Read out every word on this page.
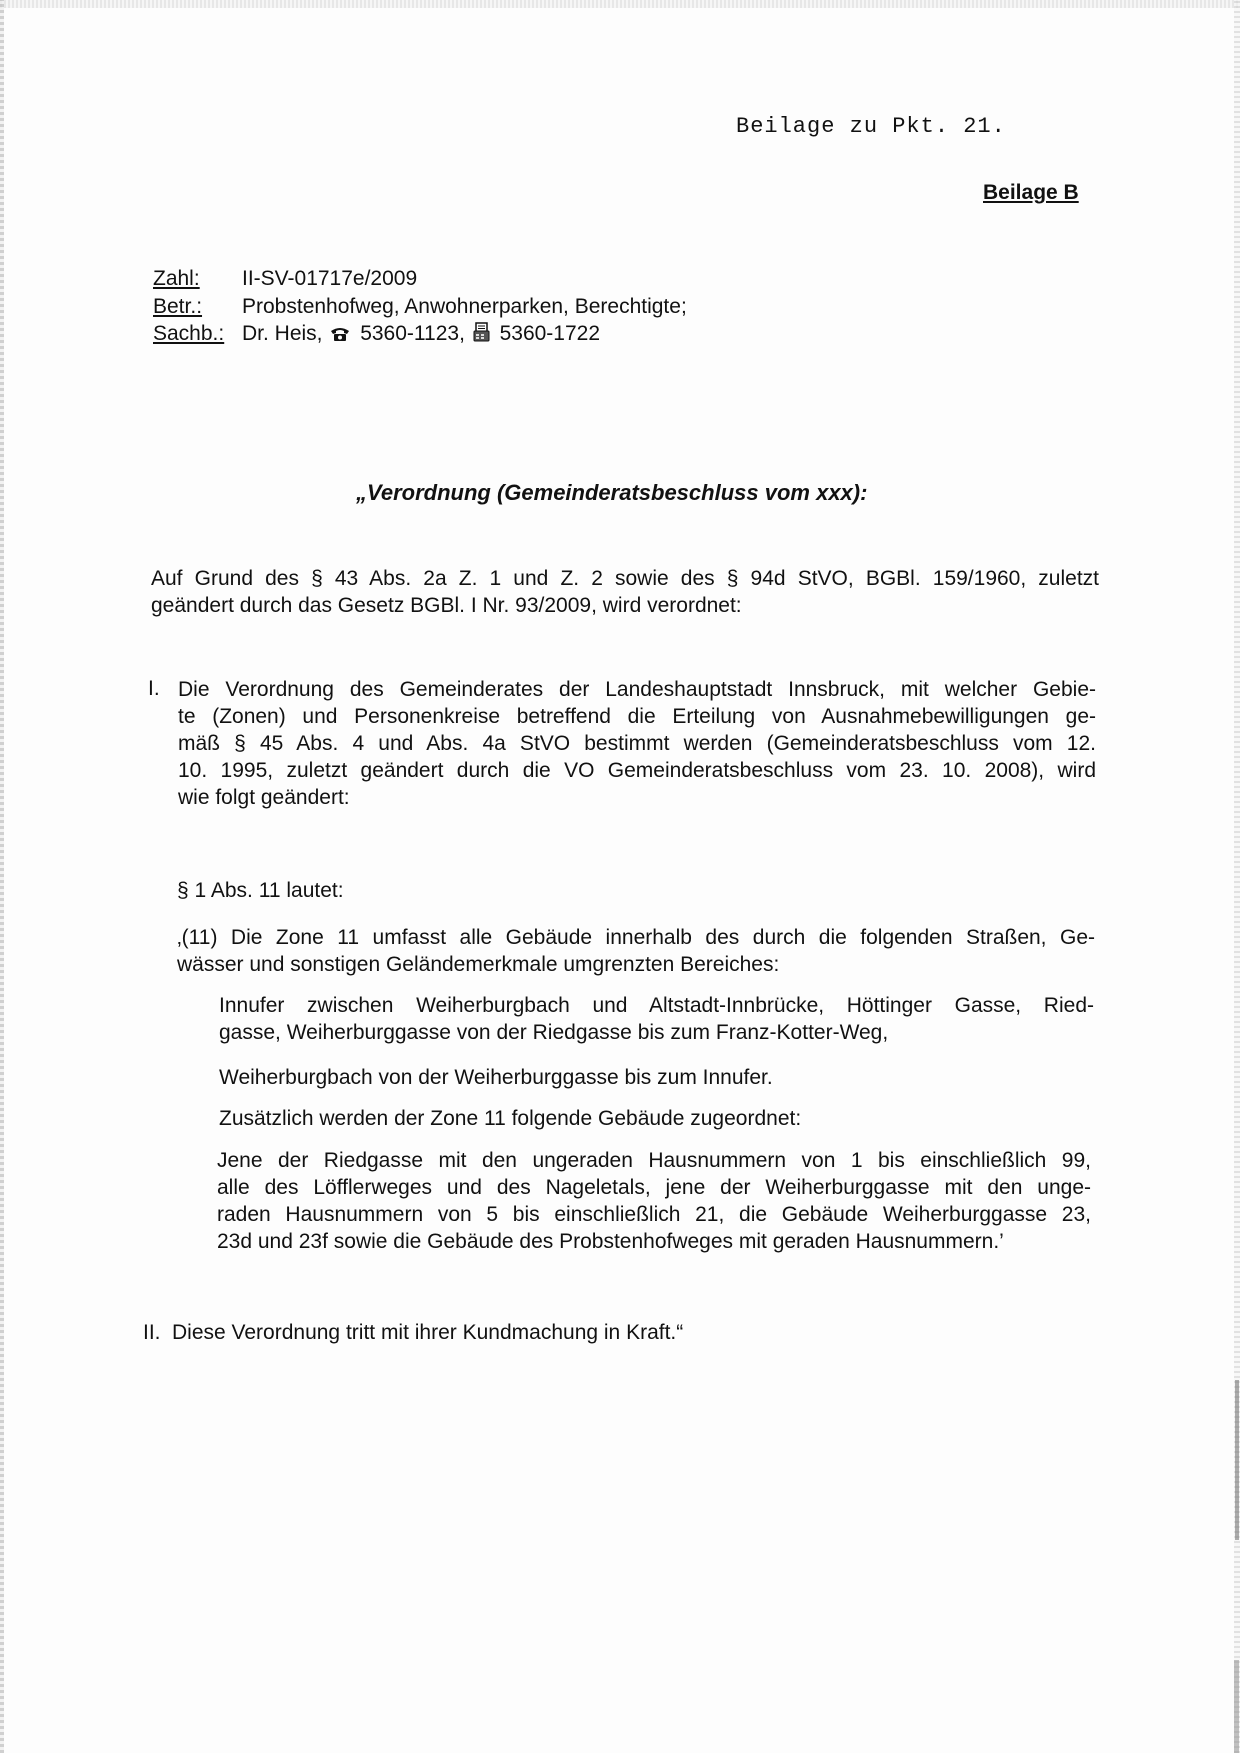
Beilage zu Pkt. 21.
Beilage B
Zahl: II-SV-01717e/2009
Betr.: Probstenhofweg, Anwohnerparken, Berechtigte;
Sachb.: Dr. Heis, 5360-1123, 5360-1722
„Verordnung (Gemeinderatsbeschluss vom xxx):
Auf Grund des § 43 Abs. 2a Z. 1 und Z. 2 sowie des § 94d StVO, BGBl. 159/1960, zuletzt
geändert durch das Gesetz BGBl. I Nr. 93/2009, wird verordnet:
I. Die Verordnung des Gemeinderates der Landeshauptstadt Innsbruck, mit welcher Gebie-
te (Zonen) und Personenkreise betreffend die Erteilung von Ausnahmebewilligungen ge-
mäß § 45 Abs. 4 und Abs. 4a StVO bestimmt werden (Gemeinderatsbeschluss vom 12.
10. 1995, zuletzt geändert durch die VO Gemeinderatsbeschluss vom 23. 10. 2008), wird
wie folgt geändert:
§ 1 Abs. 11 lautet:
‚(11) Die Zone 11 umfasst alle Gebäude innerhalb des durch die folgenden Straßen, Ge-
wässer und sonstigen Geländemerkmale umgrenzten Bereiches:
Innufer zwischen Weiherburgbach und Altstadt-Innbrücke, Höttinger Gasse, Ried-
gasse, Weiherburggasse von der Riedgasse bis zum Franz-Kotter-Weg,
Weiherburgbach von der Weiherburggasse bis zum Innufer.
Zusätzlich werden der Zone 11 folgende Gebäude zugeordnet:
Jene der Riedgasse mit den ungeraden Hausnummern von 1 bis einschließlich 99,
alle des Löfflerweges und des Nageletals, jene der Weiherburggasse mit den unge-
raden Hausnummern von 5 bis einschließlich 21, die Gebäude Weiherburggasse 23,
23d und 23f sowie die Gebäude des Probstenhofweges mit geraden Hausnummern.’
II. Diese Verordnung tritt mit ihrer Kundmachung in Kraft.“
